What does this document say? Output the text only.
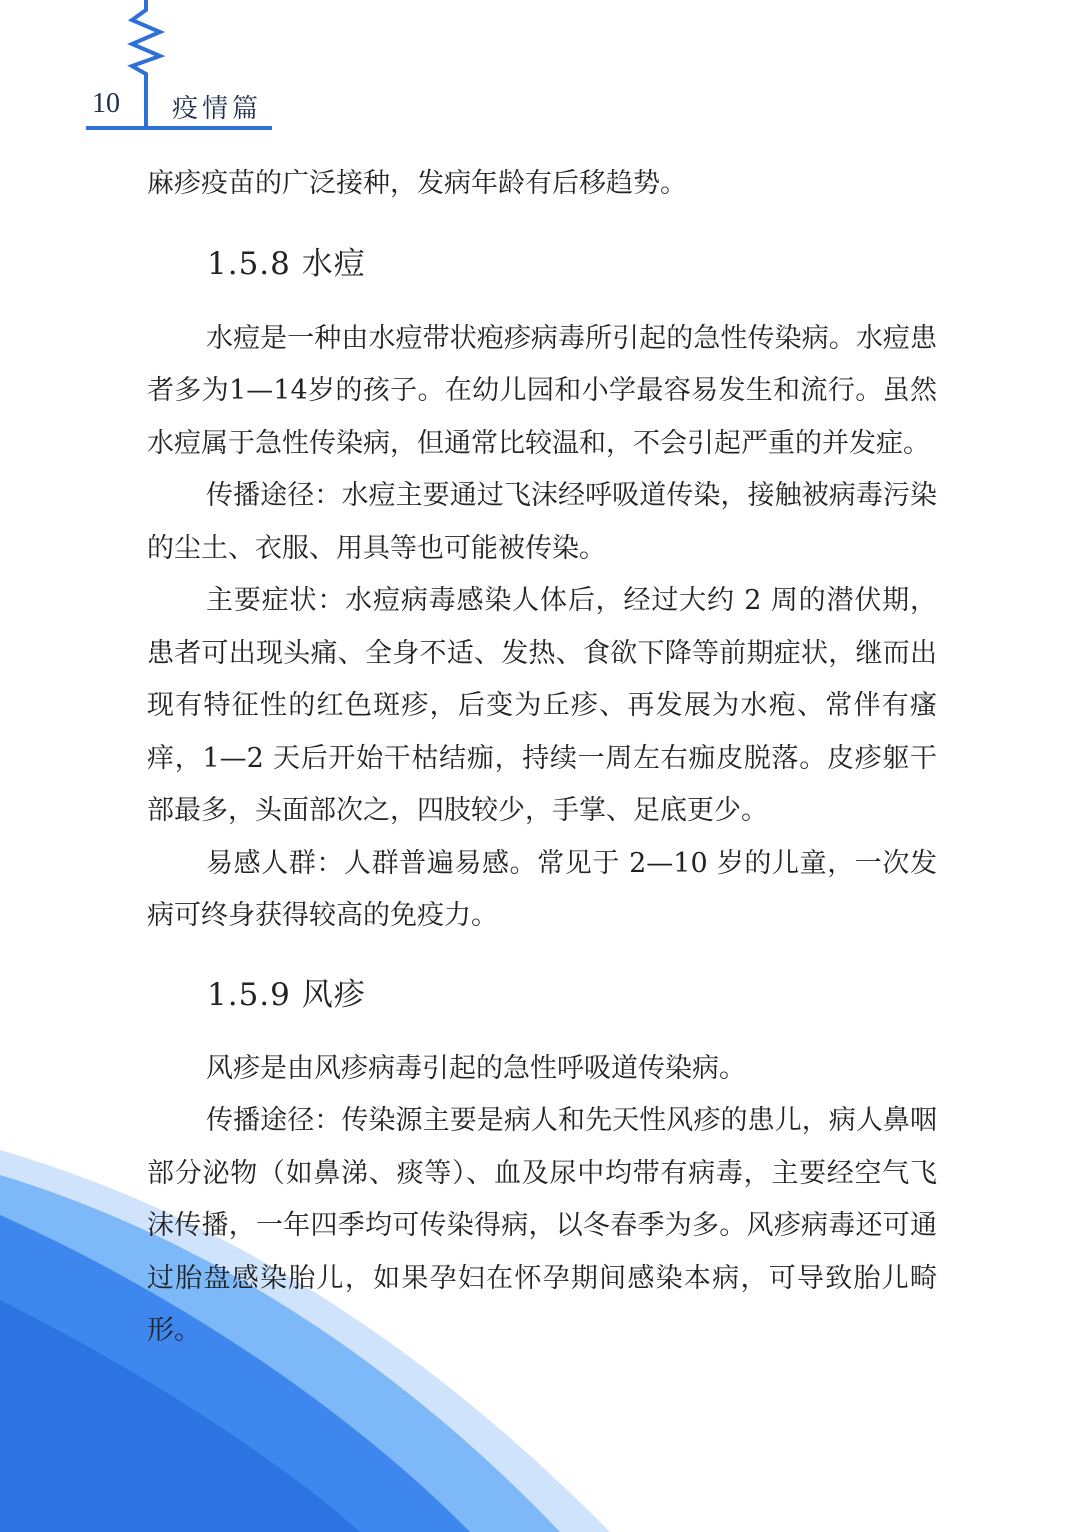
10 疫情篇

麻疹疫苗的广泛接种，发病年龄有后移趋势。

1.5.8 水痘

水痘是一种由水痘带状疱疹病毒所引起的急性传染病。水痘患者多为1—14岁的孩子。在幼儿园和小学最容易发生和流行。虽然水痘属于急性传染病，但通常比较温和，不会引起严重的并发症。

传播途径：水痘主要通过飞沫经呼吸道传染，接触被病毒污染的尘土、衣服、用具等也可能被传染。

主要症状：水痘病毒感染人体后，经过大约 2 周的潜伏期，患者可出现头痛、全身不适、发热、食欲下降等前期症状，继而出现有特征性的红色斑疹，后变为丘疹、再发展为水疱、常伴有瘙痒，1—2 天后开始干枯结痂，持续一周左右痂皮脱落。皮疹躯干部最多，头面部次之，四肢较少，手掌、足底更少。

易感人群：人群普遍易感。常见于 2—10 岁的儿童，一次发病可终身获得较高的免疫力。

1.5.9 风疹

风疹是由风疹病毒引起的急性呼吸道传染病。

传播途径：传染源主要是病人和先天性风疹的患儿，病人鼻咽部分泌物（如鼻涕、痰等）、血及尿中均带有病毒，主要经空气飞沫传播，一年四季均可传染得病，以冬春季为多。风疹病毒还可通过胎盘感染胎儿，如果孕妇在怀孕期间感染本病，可导致胎儿畸形。
